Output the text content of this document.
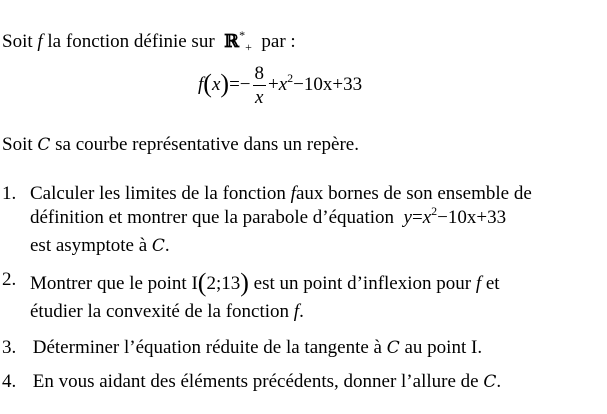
Soit f la fonction définie sur ℝ*$_+$ par :
$f(x)=- \frac{8}{x} +x^2-10x+33$
Soit C sa courbe représentative dans un repère.
1. Calculer les limites de la fonction faux bornes de son ensemble de
définition et montrer que la parabole d’équation $y=x^2-10x+33$
est asymptote à C.
2. Montrer que le point I(2;13) est un point d’inflexion pour f et
étudier la convexité de la fonction f.
3. Déterminer l’équation réduite de la tangente à C au point I.
4. En vous aidant des éléments précédents, donner l’allure de C.
